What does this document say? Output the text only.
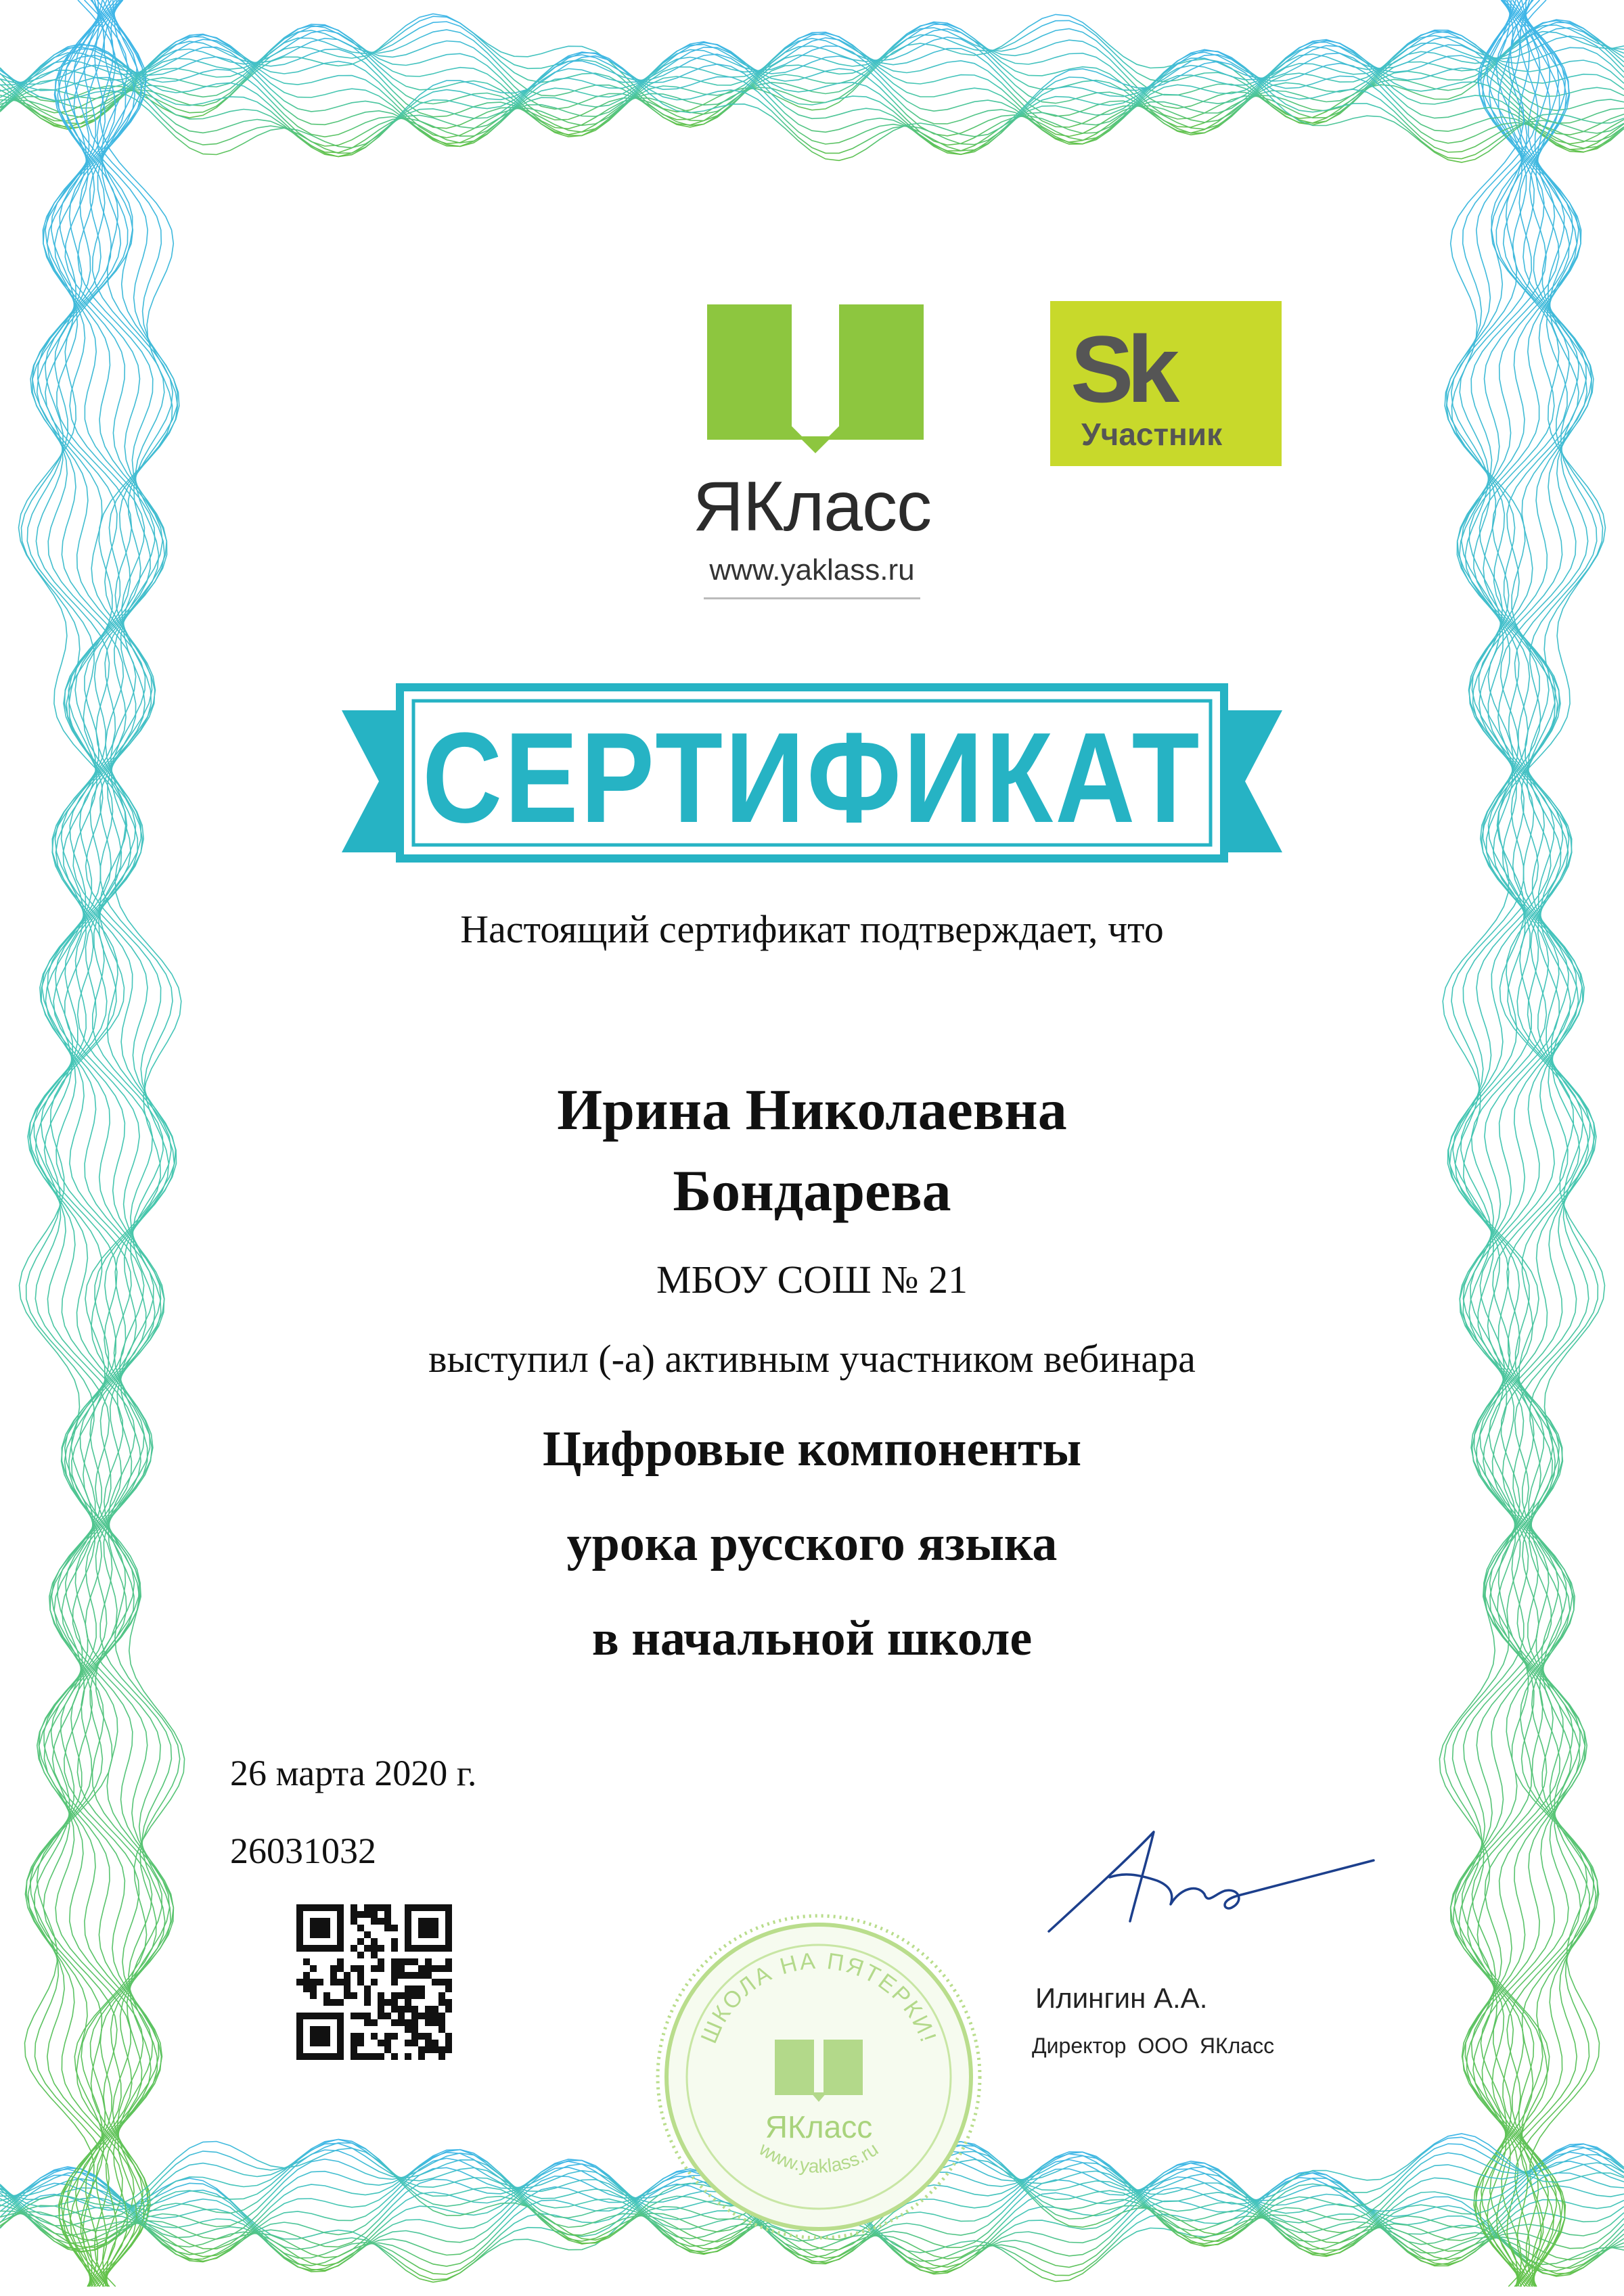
ЯКласс
www.yaklass.ru
Sk
Участник
СЕРТИФИКАТ
Настоящий сертификат подтверждает, что
Ирина Николаевна
Бондарева
МБОУ СОШ № 21
выступил (-а) активным участником вебинара
Цифровые компоненты
урока русского языка
в начальной школе
26 марта 2020 г.
26031032
ШКОЛА НА ПЯТЕРКИ!
ЯКласс
www.yaklass.ru
Илингин А.А.
Директор ООО ЯКласс
